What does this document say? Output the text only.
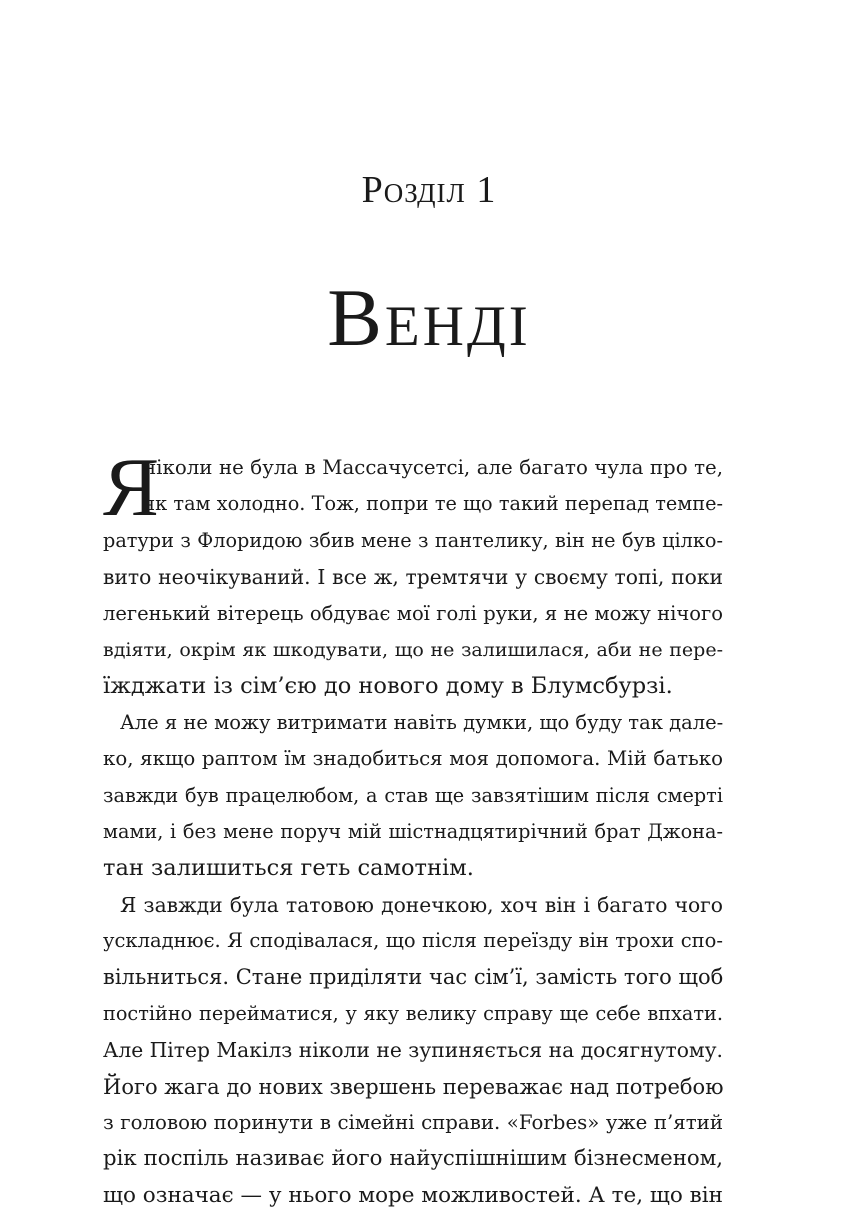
Розділ 1
Венді
Я
ніколи не була в Массачусетсі, але багато чула про те,
як там холодно. Тож, попри те що такий перепад темпе-
ратури з Флоридою збив мене з пантелику, він не був цілко-
вито неочікуваний. І все ж, тремтячи у своєму топі, поки
легенький вітерець обдуває мої голі руки, я не можу нічого
вдіяти, окрім як шкодувати, що не залишилася, аби не пере-
їжджати із сім’єю до нового дому в Блумсбурзі.
Але я не можу витримати навіть думки, що буду так дале-
ко, якщо раптом їм знадобиться моя допомога. Мій батько
завжди був працелюбом, а став ще завзятішим після смерті
мами, і без мене поруч мій шістнадцятирічний брат Джона-
тан залишиться геть самотнім.
Я завжди була татовою донечкою, хоч він і багато чого
ускладнює. Я сподівалася, що після переїзду він трохи спо-
вільниться. Стане приділяти час сім’ї, замість того щоб
постійно перейматися, у яку велику справу ще себе впхати.
Але Пітер Макілз ніколи не зупиняється на досягнутому.
Його жага до нових звершень переважає над потребою
з головою поринути в сімейні справи. «Forbes» уже п’ятий
рік поспіль називає його найуспішнішим бізнесменом,
що означає — у нього море можливостей. А те, що він
